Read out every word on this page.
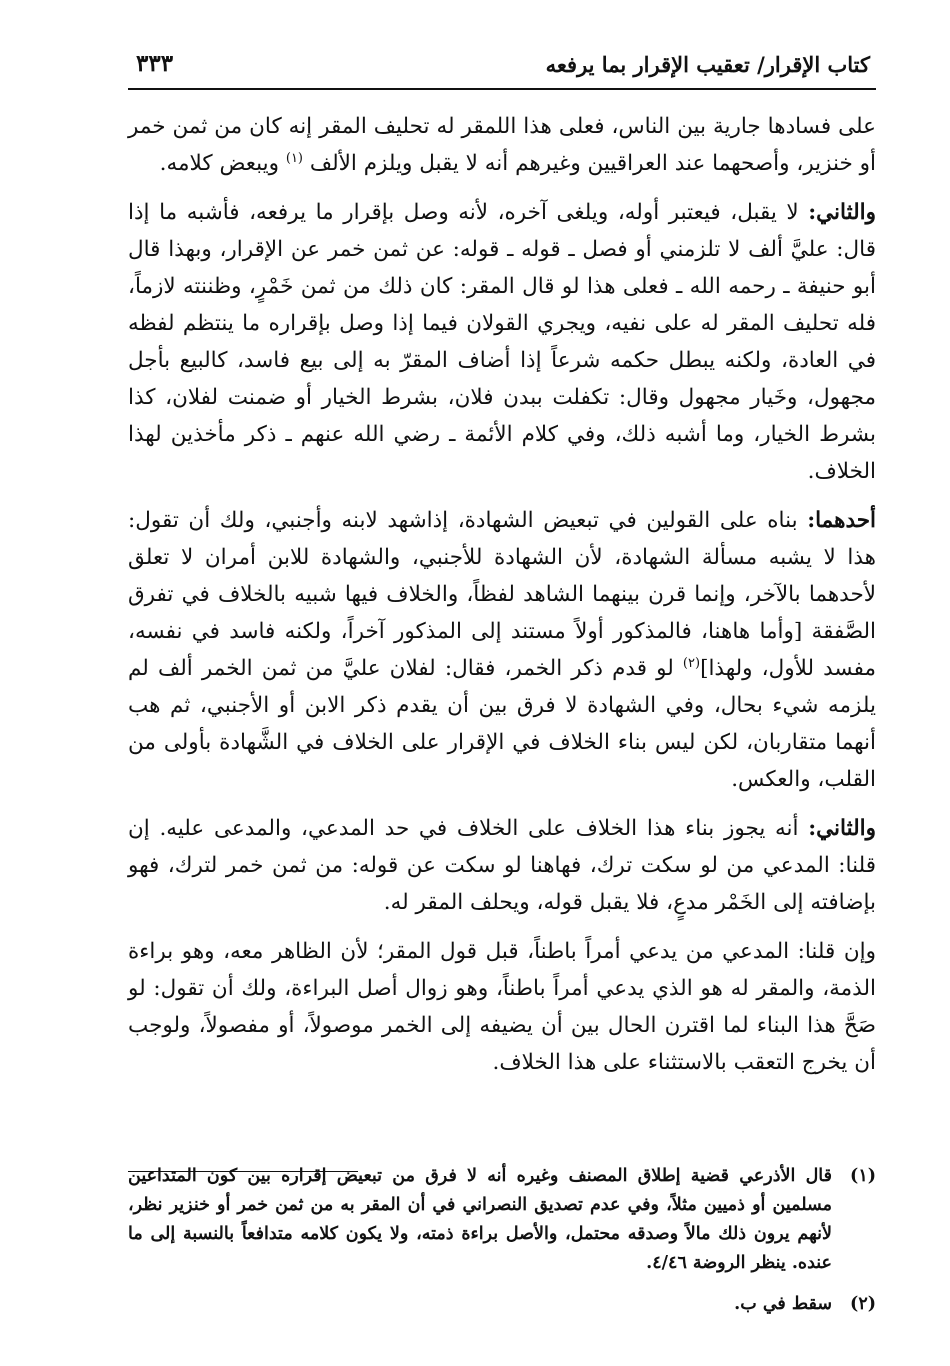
كتاب الإقرار/ تعقيب الإقرار بما يرفعه
٣٣٣

على فسادها جارية بين الناس، فعلى هذا اللمقر له تحليف المقر إنه كان من ثمن خمر أو خنزير، وأصحهما عند العراقيين وغيرهم أنه لا يقبل ويلزم الألف $^{(١)}$ ويبعض كلامه.

والثاني: لا يقبل، فيعتبر أوله، ويلغى آخره، لأنه وصل بإقرار ما يرفعه، فأشبه ما إذا قال: عليَّ ألف لا تلزمني أو فصل ـ قوله ـ قوله: عن ثمن خمر عن الإقرار، وبهذا قال أبو حنيفة ـ رحمه الله ـ فعلى هذا لو قال المقر: كان ذلك من ثمن خَمْرٍ، وظننته لازماً، فله تحليف المقر له على نفيه، ويجري القولان فيما إذا وصل بإقراره ما ينتظم لفظه في العادة، ولكنه يبطل حكمه شرعاً إذا أضاف المقرّ به إلى بيع فاسد، كالبيع بأجل مجهول، وخَيار مجهول وقال: تكفلت ببدن فلان، بشرط الخيار أو ضمنت لفلان، كذا بشرط الخيار، وما أشبه ذلك، وفي كلام الأئمة ـ رضي الله عنهم ـ ذكر مأخذين لهذا الخلاف.

أحدهما: بناه على القولين في تبعيض الشهادة، إذاشهد لابنه وأجنبي، ولك أن تقول: هذا لا يشبه مسألة الشهادة، لأن الشهادة للأجنبي، والشهادة للابن أمران لا تعلق لأحدهما بالآخر، وإنما قرن بينهما الشاهد لفظاً، والخلاف فيها شبيه بالخلاف في تفرق الصَّفقة [وأما هاهنا، فالمذكور أولاً مستند إلى المذكور آخراً، ولكنه فاسد في نفسه، مفسد للأول، ولهذا]$^{(٢)}$ لو قدم ذكر الخمر، فقال: لفلان عليَّ من ثمن الخمر ألف لم يلزمه شيء بحال، وفي الشهادة لا فرق بين أن يقدم ذكر الابن أو الأجنبي، ثم هب أنهما متقاربان، لكن ليس بناء الخلاف في الإقرار على الخلاف في الشَّهادة بأولى من القلب، والعكس.

والثاني: أنه يجوز بناء هذا الخلاف على الخلاف في حد المدعي، والمدعى عليه. إن قلنا: المدعي من لو سكت ترك، فهاهنا لو سكت عن قوله: من ثمن خمر لترك، فهو بإضافته إلى الخَمْر مدعٍ، فلا يقبل قوله، ويحلف المقر له.

وإن قلنا: المدعي من يدعي أمراً باطناً، قبل قول المقر؛ لأن الظاهر معه، وهو براءة الذمة، والمقر له هو الذي يدعي أمراً باطناً، وهو زوال أصل البراءة، ولك أن تقول: لو صَحَّ هذا البناء لما اقترن الحال بين أن يضيفه إلى الخمر موصولاً، أو مفصولاً، ولوجب أن يخرج التعقب بالاستثناء على هذا الخلاف.

(١)
قال الأذرعي قضية إطلاق المصنف وغيره أنه لا فرق من تبعيض إقراره بين كون المتداعين مسلمين أو ذميين مثلاً، وفي عدم تصديق النصراني في أن المقر به من ثمن خمر أو خنزير نظر، لأنهم يرون ذلك مالاً وصدقه محتمل، والأصل براءة ذمته، ولا يكون كلامه متدافعاً بالنسبة إلى ما عنده. ينظر الروضة ٤/٤٦.
(٢)
سقط في ب.
